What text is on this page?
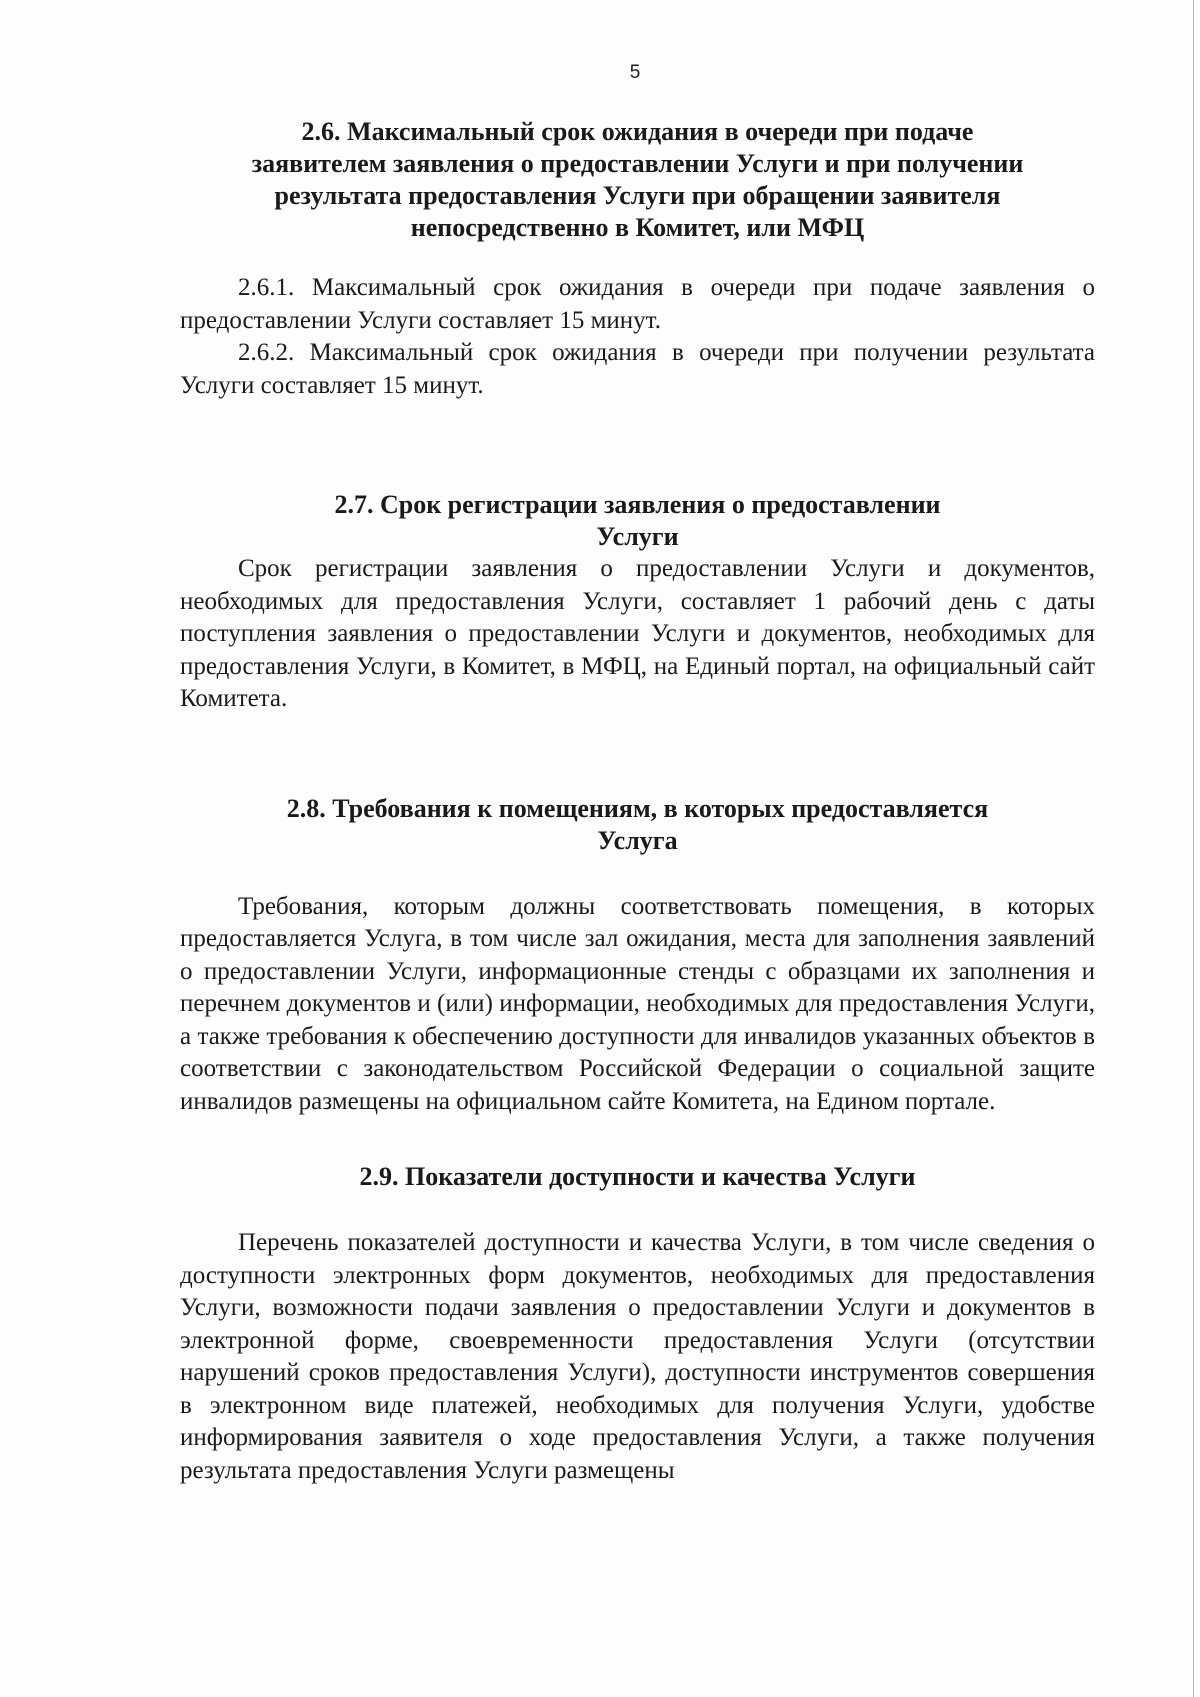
5

2.6. Максимальный срок ожидания в очереди при подаче
заявителем заявления о предоставлении Услуги и при получении
результата предоставления Услуги при обращении заявителя
непосредственно в Комитет, или МФЦ

2.6.1. Максимальный срок ожидания в очереди при подаче заявления о предоставлении Услуги составляет 15 минут.

2.6.2. Максимальный срок ожидания в очереди при получении результата Услуги составляет 15 минут.

2.7. Срок регистрации заявления о предоставлении
Услуги

Срок регистрации заявления о предоставлении Услуги и документов, необходимых для предоставления Услуги, составляет 1 рабочий день с даты поступления заявления о предоставлении Услуги и документов, необходимых для предоставления Услуги, в Комитет, в МФЦ, на Единый портал, на официальный сайт Комитета.

2.8. Требования к помещениям, в которых предоставляется
Услуга

Требования, которым должны соответствовать помещения, в которых предоставляется Услуга, в том числе зал ожидания, места для заполнения заявлений о предоставлении Услуги, информационные стенды с образцами их заполнения и перечнем документов и (или) информации, необходимых для предоставления Услуги, а также требования к обеспечению доступности для инвалидов указанных объектов в соответствии с законодательством Российской Федерации о социальной защите инвалидов размещены на официальном сайте Комитета, на Едином портале.

2.9. Показатели доступности и качества Услуги

Перечень показателей доступности и качества Услуги, в том числе сведения о доступности электронных форм документов, необходимых для предоставления Услуги, возможности подачи заявления о предоставлении Услуги и документов в электронной форме, своевременности предоставления Услуги (отсутствии нарушений сроков предоставления Услуги), доступности инструментов совершения в электронном виде платежей, необходимых для получения Услуги, удобстве информирования заявителя о ходе предоставления Услуги, а также получения результата предоставления Услуги размещены
